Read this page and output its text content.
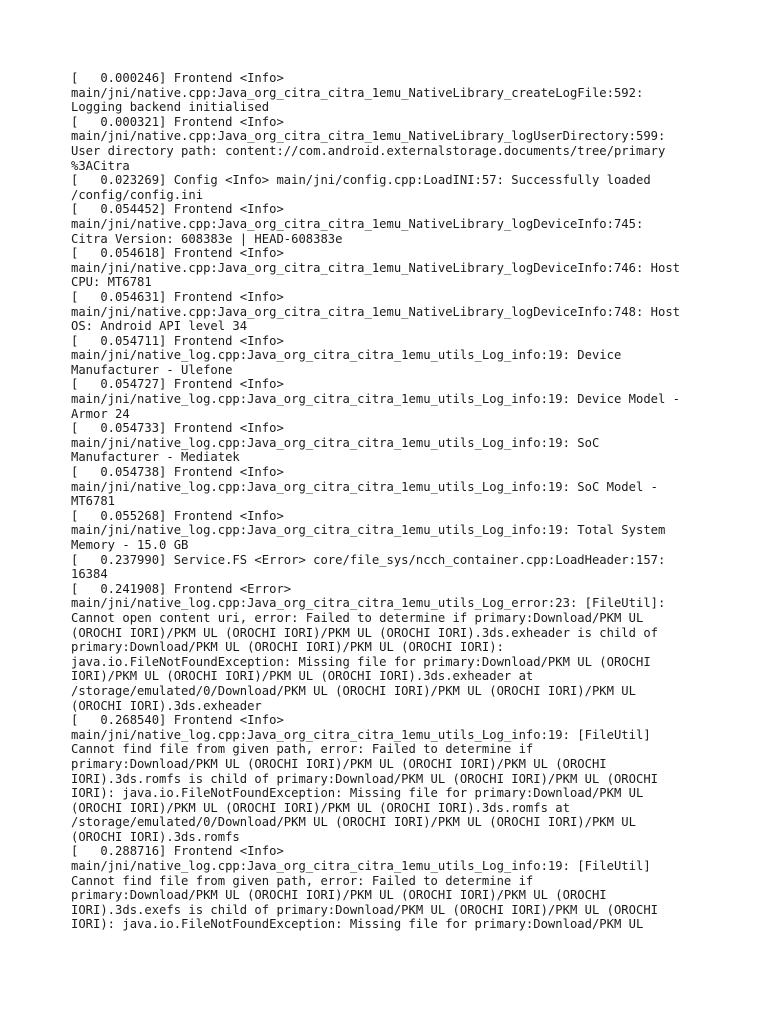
[   0.000246] Frontend <Info>
main/jni/native.cpp:Java_org_citra_citra_1emu_NativeLibrary_createLogFile:592:
Logging backend initialised
[   0.000321] Frontend <Info>
main/jni/native.cpp:Java_org_citra_citra_1emu_NativeLibrary_logUserDirectory:599:
User directory path: content://com.android.externalstorage.documents/tree/primary
%3ACitra
[   0.023269] Config <Info> main/jni/config.cpp:LoadINI:57: Successfully loaded
/config/config.ini
[   0.054452] Frontend <Info>
main/jni/native.cpp:Java_org_citra_citra_1emu_NativeLibrary_logDeviceInfo:745:
Citra Version: 608383e | HEAD-608383e
[   0.054618] Frontend <Info>
main/jni/native.cpp:Java_org_citra_citra_1emu_NativeLibrary_logDeviceInfo:746: Host
CPU: MT6781
[   0.054631] Frontend <Info>
main/jni/native.cpp:Java_org_citra_citra_1emu_NativeLibrary_logDeviceInfo:748: Host
OS: Android API level 34
[   0.054711] Frontend <Info>
main/jni/native_log.cpp:Java_org_citra_citra_1emu_utils_Log_info:19: Device
Manufacturer - Ulefone
[   0.054727] Frontend <Info>
main/jni/native_log.cpp:Java_org_citra_citra_1emu_utils_Log_info:19: Device Model -
Armor 24
[   0.054733] Frontend <Info>
main/jni/native_log.cpp:Java_org_citra_citra_1emu_utils_Log_info:19: SoC
Manufacturer - Mediatek
[   0.054738] Frontend <Info>
main/jni/native_log.cpp:Java_org_citra_citra_1emu_utils_Log_info:19: SoC Model -
MT6781
[   0.055268] Frontend <Info>
main/jni/native_log.cpp:Java_org_citra_citra_1emu_utils_Log_info:19: Total System
Memory - 15.0 GB
[   0.237990] Service.FS <Error> core/file_sys/ncch_container.cpp:LoadHeader:157:
16384
[   0.241908] Frontend <Error>
main/jni/native_log.cpp:Java_org_citra_citra_1emu_utils_Log_error:23: [FileUtil]:
Cannot open content uri, error: Failed to determine if primary:Download/PKM UL
(OROCHI IORI)/PKM UL (OROCHI IORI)/PKM UL (OROCHI IORI).3ds.exheader is child of
primary:Download/PKM UL (OROCHI IORI)/PKM UL (OROCHI IORI):
java.io.FileNotFoundException: Missing file for primary:Download/PKM UL (OROCHI
IORI)/PKM UL (OROCHI IORI)/PKM UL (OROCHI IORI).3ds.exheader at
/storage/emulated/0/Download/PKM UL (OROCHI IORI)/PKM UL (OROCHI IORI)/PKM UL
(OROCHI IORI).3ds.exheader
[   0.268540] Frontend <Info>
main/jni/native_log.cpp:Java_org_citra_citra_1emu_utils_Log_info:19: [FileUtil]
Cannot find file from given path, error: Failed to determine if
primary:Download/PKM UL (OROCHI IORI)/PKM UL (OROCHI IORI)/PKM UL (OROCHI
IORI).3ds.romfs is child of primary:Download/PKM UL (OROCHI IORI)/PKM UL (OROCHI
IORI): java.io.FileNotFoundException: Missing file for primary:Download/PKM UL
(OROCHI IORI)/PKM UL (OROCHI IORI)/PKM UL (OROCHI IORI).3ds.romfs at
/storage/emulated/0/Download/PKM UL (OROCHI IORI)/PKM UL (OROCHI IORI)/PKM UL
(OROCHI IORI).3ds.romfs
[   0.288716] Frontend <Info>
main/jni/native_log.cpp:Java_org_citra_citra_1emu_utils_Log_info:19: [FileUtil]
Cannot find file from given path, error: Failed to determine if
primary:Download/PKM UL (OROCHI IORI)/PKM UL (OROCHI IORI)/PKM UL (OROCHI
IORI).3ds.exefs is child of primary:Download/PKM UL (OROCHI IORI)/PKM UL (OROCHI
IORI): java.io.FileNotFoundException: Missing file for primary:Download/PKM UL
